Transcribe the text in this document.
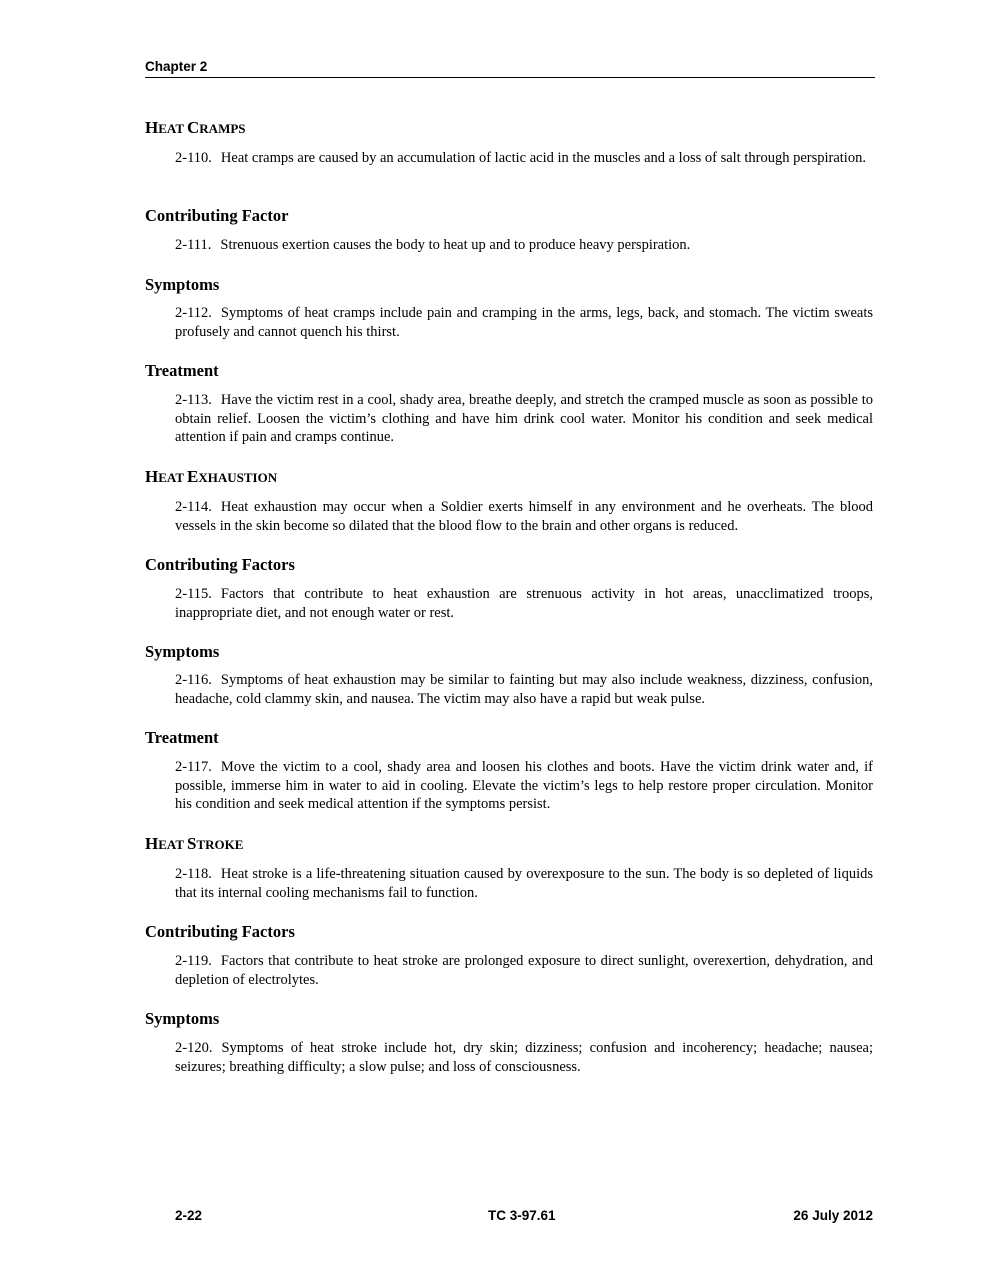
Chapter 2
HEAT CRAMPS
2-110. Heat cramps are caused by an accumulation of lactic acid in the muscles and a loss of salt through perspiration.
Contributing Factor
2-111. Strenuous exertion causes the body to heat up and to produce heavy perspiration.
Symptoms
2-112. Symptoms of heat cramps include pain and cramping in the arms, legs, back, and stomach. The victim sweats profusely and cannot quench his thirst.
Treatment
2-113. Have the victim rest in a cool, shady area, breathe deeply, and stretch the cramped muscle as soon as possible to obtain relief. Loosen the victim’s clothing and have him drink cool water. Monitor his condition and seek medical attention if pain and cramps continue.
HEAT EXHAUSTION
2-114. Heat exhaustion may occur when a Soldier exerts himself in any environment and he overheats. The blood vessels in the skin become so dilated that the blood flow to the brain and other organs is reduced.
Contributing Factors
2-115. Factors that contribute to heat exhaustion are strenuous activity in hot areas, unacclimatized troops, inappropriate diet, and not enough water or rest.
Symptoms
2-116. Symptoms of heat exhaustion may be similar to fainting but may also include weakness, dizziness, confusion, headache, cold clammy skin, and nausea. The victim may also have a rapid but weak pulse.
Treatment
2-117. Move the victim to a cool, shady area and loosen his clothes and boots. Have the victim drink water and, if possible, immerse him in water to aid in cooling. Elevate the victim’s legs to help restore proper circulation. Monitor his condition and seek medical attention if the symptoms persist.
HEAT STROKE
2-118. Heat stroke is a life-threatening situation caused by overexposure to the sun. The body is so depleted of liquids that its internal cooling mechanisms fail to function.
Contributing Factors
2-119. Factors that contribute to heat stroke are prolonged exposure to direct sunlight, overexertion, dehydration, and depletion of electrolytes.
Symptoms
2-120. Symptoms of heat stroke include hot, dry skin; dizziness; confusion and incoherency; headache; nausea; seizures; breathing difficulty; a slow pulse; and loss of consciousness.
2-22	TC 3-97.61	26 July 2012
